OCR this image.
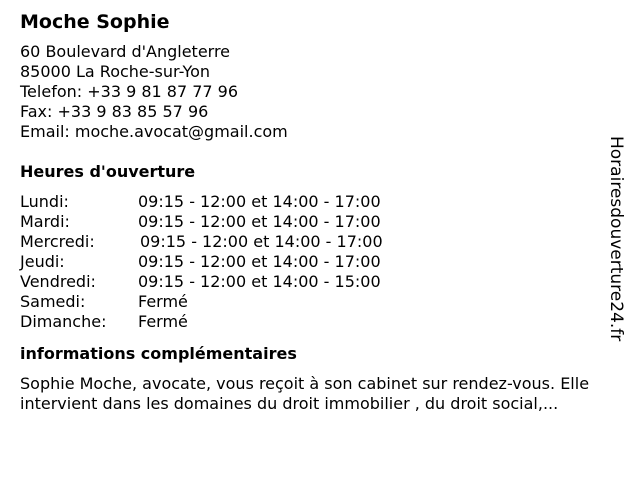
Moche Sophie
60 Boulevard d'Angleterre
85000 La Roche-sur-Yon
Telefon: +33 9 81 87 77 96
Fax: +33 9 83 85 57 96
Email: moche.avocat@gmail.com
Heures d'ouverture
Lundi:	09:15 - 12:00 et 14:00 - 17:00
Mardi:	09:15 - 12:00 et 14:00 - 17:00
Mercredi:	09:15 - 12:00 et 14:00 - 17:00
Jeudi:	09:15 - 12:00 et 14:00 - 17:00
Vendredi:	09:15 - 12:00 et 14:00 - 15:00
Samedi:	Fermé
Dimanche:	Fermé
informations complémentaires
Sophie Moche, avocate, vous reçoit à son cabinet sur rendez-vous. Elle intervient dans les domaines du droit immobilier , du droit social,...
Horairesdouverture24.fr
